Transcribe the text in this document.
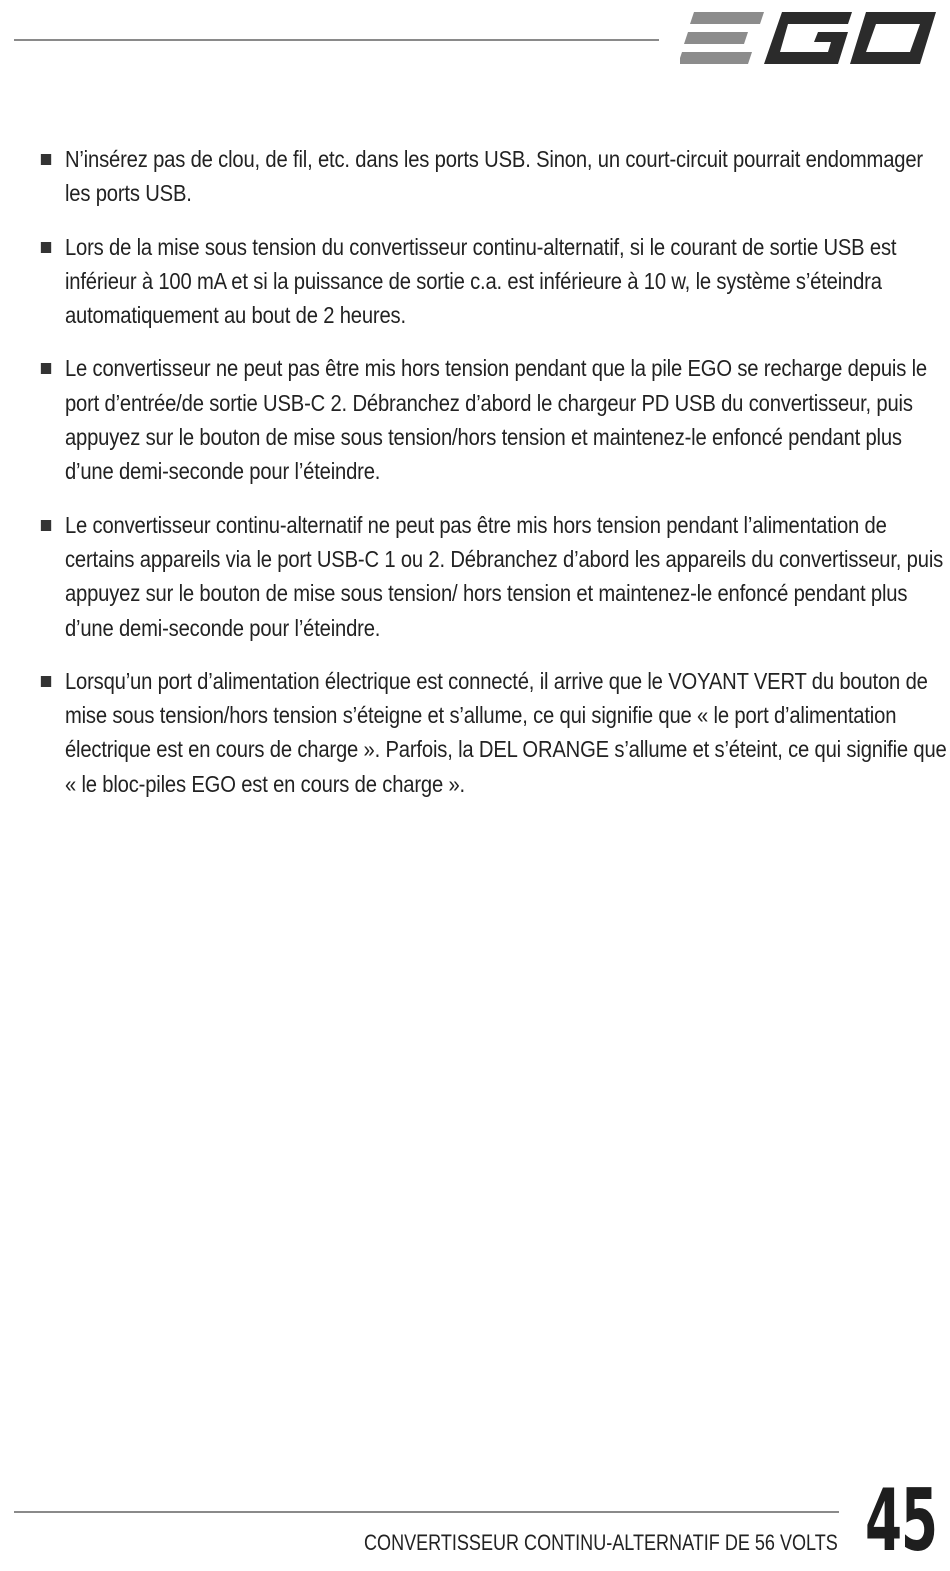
N’insérez pas de clou, de fil, etc. dans les ports USB. Sinon, un court-circuit pourrait endommager les ports USB.
Lors de la mise sous tension du convertisseur continu-alternatif, si le courant de sortie USB est inférieur à 100 mA et si la puissance de sortie c.a. est inférieure à 10 w, le système s’éteindra automatiquement au bout de 2 heures.
Le convertisseur ne peut pas être mis hors tension pendant que la pile EGO se recharge depuis le port d’entrée/de sortie USB-C 2. Débranchez d’abord le chargeur PD USB du convertisseur, puis appuyez sur le bouton de mise sous tension/hors tension et maintenez-le enfoncé pendant plus d’une demi-seconde pour l’éteindre.
Le convertisseur continu-alternatif ne peut pas être mis hors tension pendant l’alimentation de certains appareils via le port USB-C 1 ou 2. Débranchez d’abord les appareils du convertisseur, puis appuyez sur le bouton de mise sous tension/ hors tension et maintenez-le enfoncé pendant plus d’une demi-seconde pour l’éteindre.
Lorsqu’un port d’alimentation électrique est connecté, il arrive que le VOYANT VERT du bouton de mise sous tension/hors tension s’éteigne et s’allume, ce qui signifie que « le port d’alimentation électrique est en cours de charge ». Parfois, la DEL ORANGE s’allume et s’éteint, ce qui signifie que « le bloc-piles EGO est en cours de charge ».
CONVERTISSEUR CONTINU-ALTERNATIF DE 56 VOLTS 45
